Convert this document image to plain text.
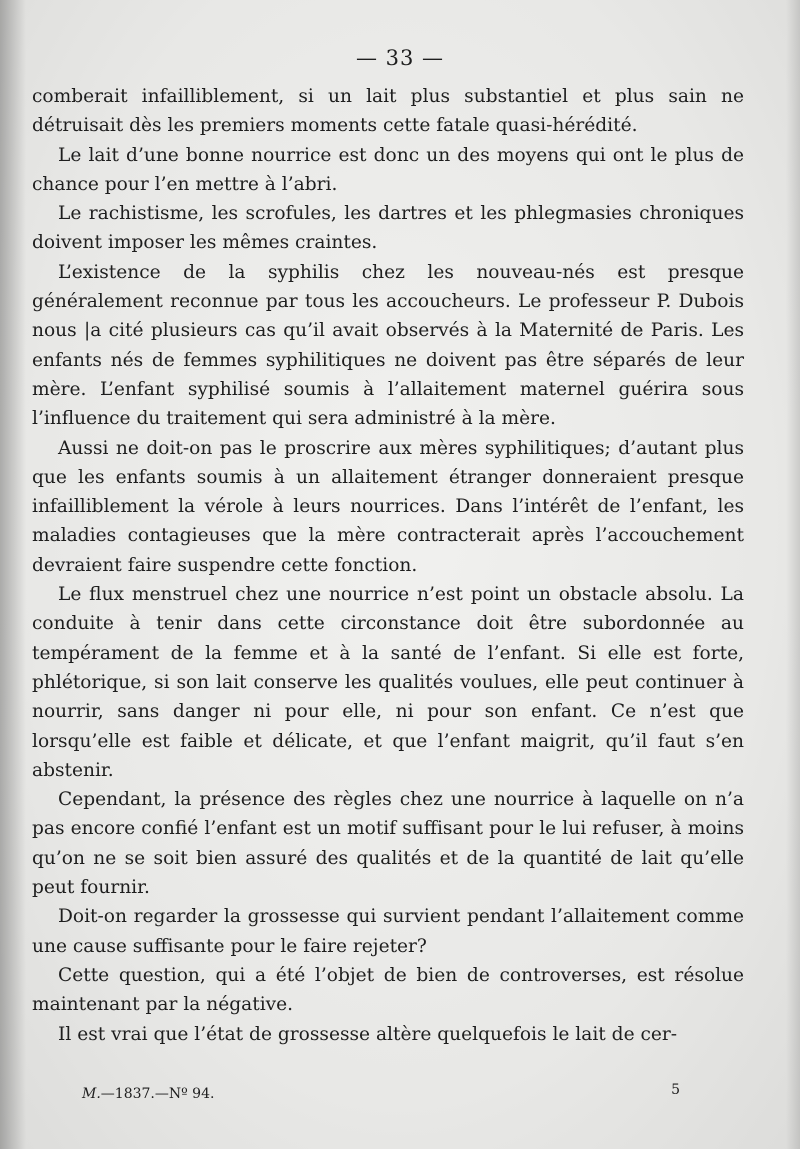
— 33 —

comberait infailliblement, si un lait plus substantiel et plus sain ne détruisait dès les premiers moments cette fatale quasi-hérédité.

Le lait d’une bonne nourrice est donc un des moyens qui ont le plus de chance pour l’en mettre à l’abri.

Le rachistisme, les scrofules, les dartres et les phlegmasies chroniques doivent imposer les mêmes craintes.

L’existence de la syphilis chez les nouveau-nés est presque généralement reconnue par tous les accoucheurs. Le professeur P. Dubois nous |a cité plusieurs cas qu’il avait observés à la Maternité de Paris. Les enfants nés de femmes syphilitiques ne doivent pas être séparés de leur mère. L’enfant syphilisé soumis à l’allaitement maternel guérira sous l’influence du traitement qui sera administré à la mère.

Aussi ne doit-on pas le proscrire aux mères syphilitiques; d’autant plus que les enfants soumis à un allaitement étranger donneraient presque infailliblement la vérole à leurs nourrices. Dans l’intérêt de l’enfant, les maladies contagieuses que la mère contracterait après l’accouchement devraient faire suspendre cette fonction.

Le flux menstruel chez une nourrice n’est point un obstacle absolu. La conduite à tenir dans cette circonstance doit être subordonnée au tempérament de la femme et à la santé de l’enfant. Si elle est forte, phlétorique, si son lait conserve les qualités voulues, elle peut continuer à nourrir, sans danger ni pour elle, ni pour son enfant. Ce n’est que lorsqu’elle est faible et délicate, et que l’enfant maigrit, qu’il faut s’en abstenir.

Cependant, la présence des règles chez une nourrice à laquelle on n’a pas encore confié l’enfant est un motif suffisant pour le lui refuser, à moins qu’on ne se soit bien assuré des qualités et de la quantité de lait qu’elle peut fournir.

Doit-on regarder la grossesse qui survient pendant l’allaitement comme une cause suffisante pour le faire rejeter?

Cette question, qui a été l’objet de bien de controverses, est résolue maintenant par la négative.

Il est vrai que l’état de grossesse altère quelquefois le lait de cer-

M.—1837.—Nº 94.	5
